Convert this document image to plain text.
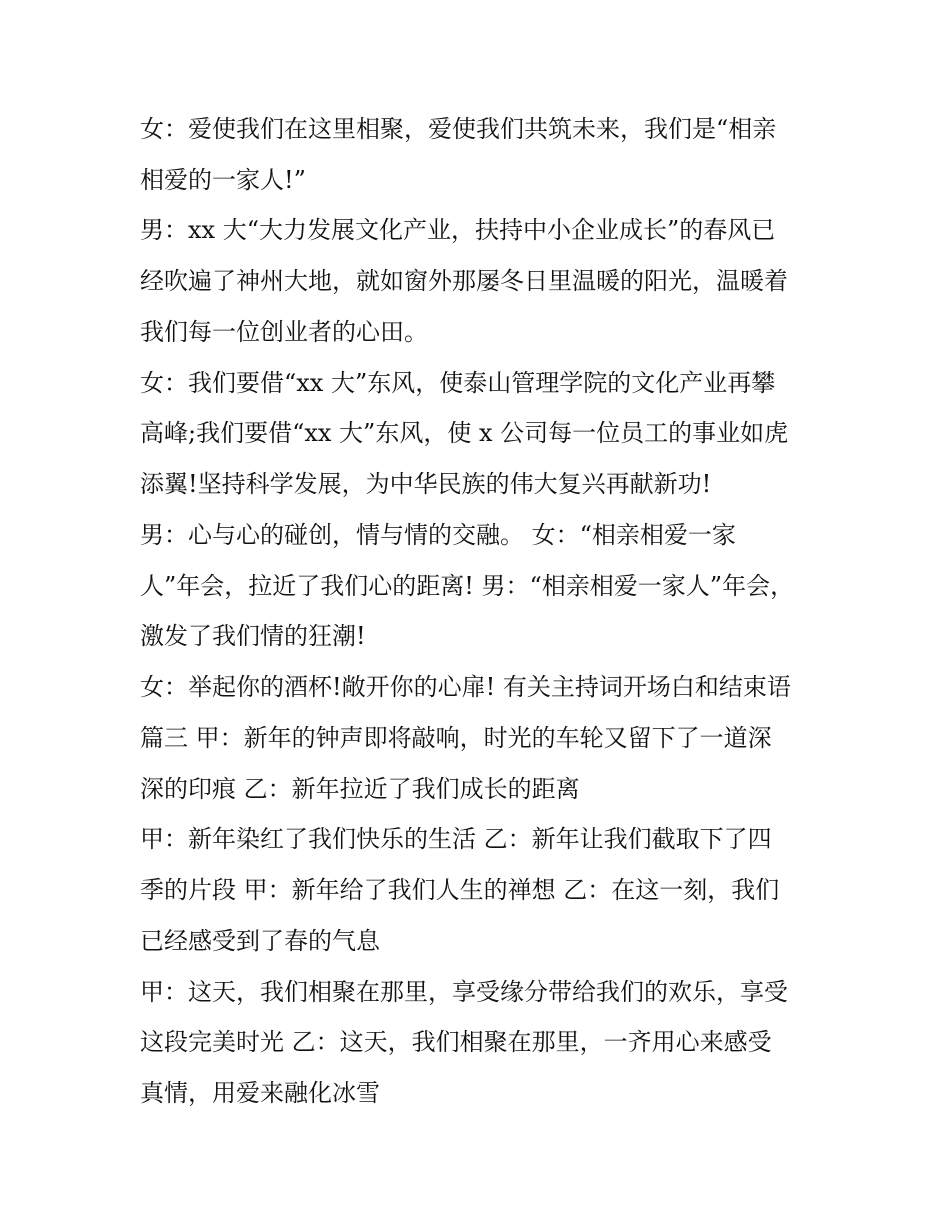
女：爱使我们在这里相聚，爱使我们共筑未来，我们是“相亲
相爱的一家人!”
男：xx 大“大力发展文化产业，扶持中小企业成长”的春风已
经吹遍了神州大地，就如窗外那屡冬日里温暖的阳光，温暖着
我们每一位创业者的心田。
女：我们要借“xx 大”东风，使泰山管理学院的文化产业再攀
高峰;我们要借“xx 大”东风，使 x 公司每一位员工的事业如虎
添翼!坚持科学发展，为中华民族的伟大复兴再献新功!
男：心与心的碰创，情与情的交融。 女：“相亲相爱一家
人”年会，拉近了我们心的距离! 男：“相亲相爱一家人”年会，
激发了我们情的狂潮!
女：举起你的酒杯!敞开你的心扉! 有关主持词开场白和结束语
篇三 甲：新年的钟声即将敲响，时光的车轮又留下了一道深
深的印痕 乙：新年拉近了我们成长的距离
甲：新年染红了我们快乐的生活 乙：新年让我们截取下了四
季的片段 甲：新年给了我们人生的禅想 乙：在这一刻，我们
已经感受到了春的气息
甲：这天，我们相聚在那里，享受缘分带给我们的欢乐，享受
这段完美时光 乙：这天，我们相聚在那里，一齐用心来感受
真情，用爱来融化冰雪
